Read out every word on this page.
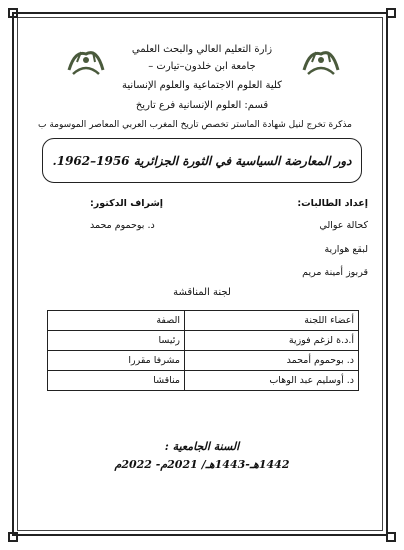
زارة التعليم العالي والبحث العلمي
جامعة ابن خلدون–تيارت –
كلية العلوم الاجتماعية والعلوم الإنسانية
قسم: العلوم الإنسانية فرع تاريخ
مذكرة تخرج لنيل شهادة الماستر تخصص تاريخ المغرب العربي المعاصر الموسومة ب
دور المعارضة السياسية في الثورة الجزائرية 1956–1962.
إعداد الطالبات:
إشراف الدكتور:
كحالة عوالي
د. بوحموم محمد
لبقع هوارية
قربوز أمينة مريم
لجنة المناقشة
أعضاء اللجنة	الصفة
أ.د.ة لزغم فوزية	رئيسا
د. بوحموم أمحمد	مشرفا مقررا
د. أوسليم عبد الوهاب	مناقشا
السنة الجامعية :
1442هـ-1443هـ/ 2021م- 2022م
